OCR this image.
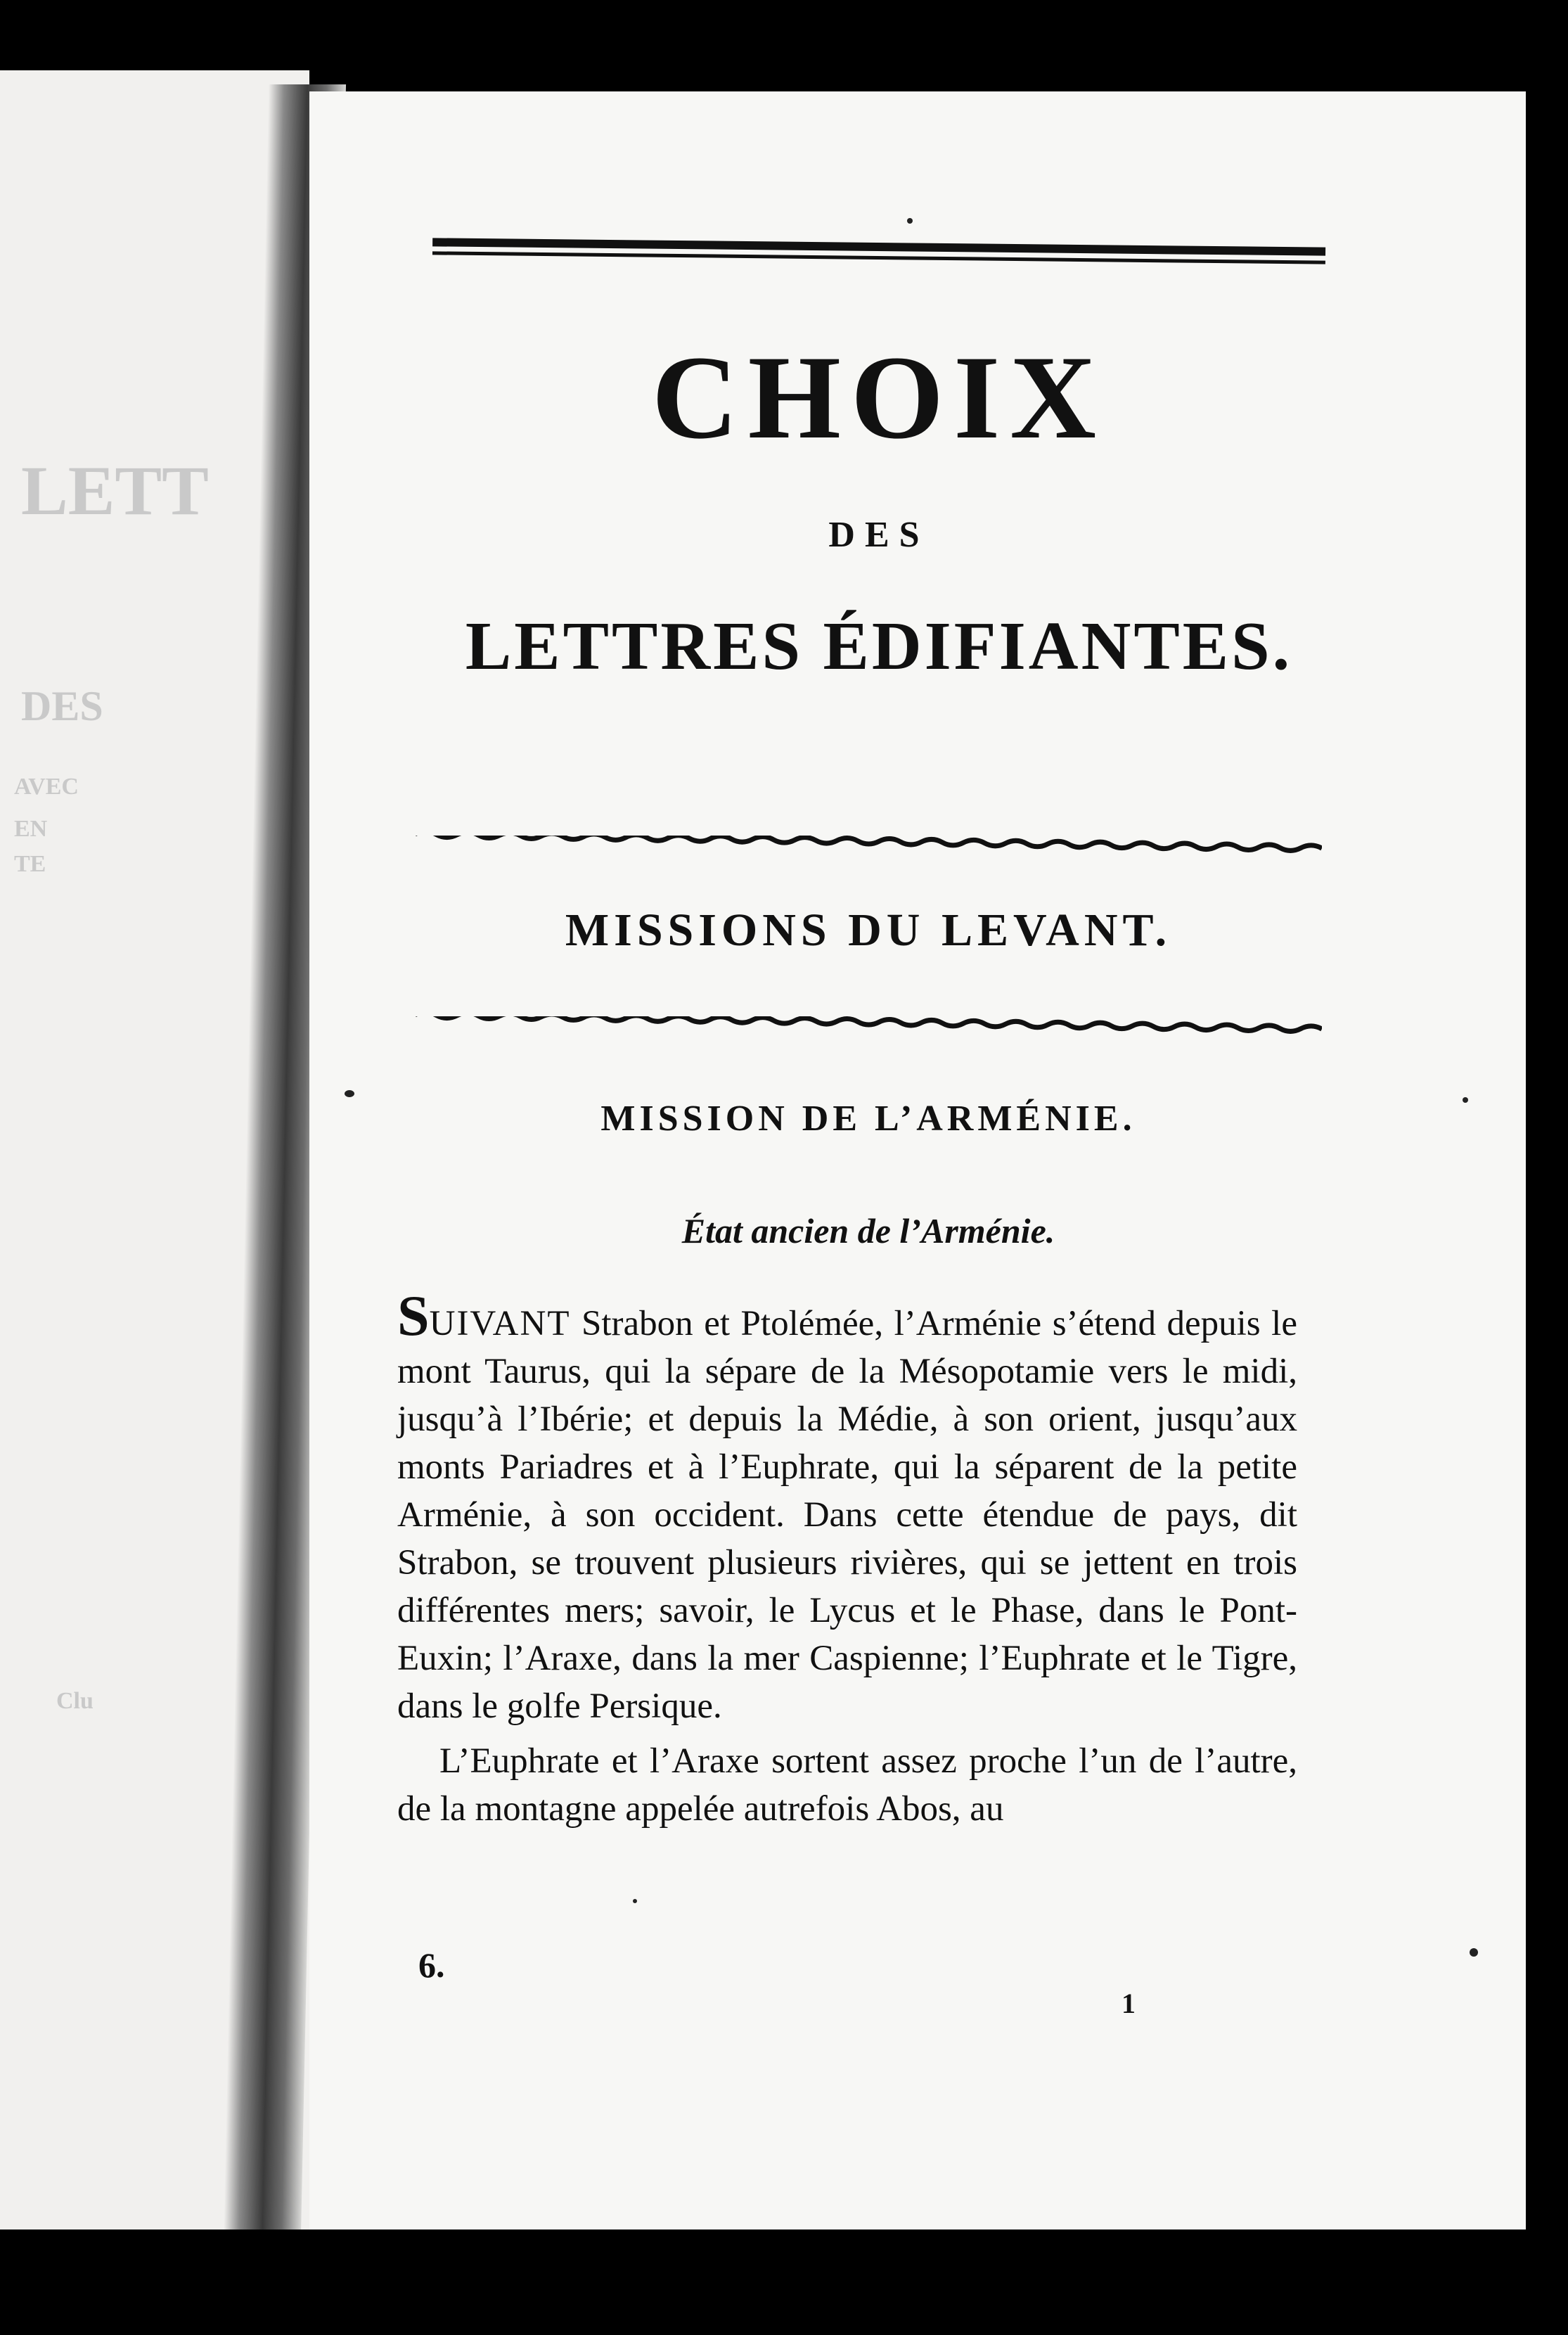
LETT
DES
AVEC
EN
TE
Clu
CHOIX
DES
LETTRES ÉDIFIANTES.
MISSIONS DU LEVANT.
MISSION DE L’ARMÉNIE.
État ancien de l’Arménie.

SUIVANT Strabon et Ptolémée, l’Arménie s’étend depuis le mont Taurus, qui la sépare de la Mésopotamie vers le midi, jusqu’à l’Ibérie; et depuis la Médie, à son orient, jusqu’aux monts Pariadres et à l’Euphrate, qui la séparent de la petite Arménie, à son occident. Dans cette étendue de pays, dit Strabon, se trouvent plusieurs rivières, qui se jettent en trois différentes mers; savoir, le Lycus et le Phase, dans le Pont-Euxin; l’Araxe, dans la mer Caspienne; l’Euphrate et le Tigre, dans le golfe Persique.

L’Euphrate et l’Araxe sortent assez proche l’un de l’autre, de la montagne appelée autrefois Abos, au

6.
1
